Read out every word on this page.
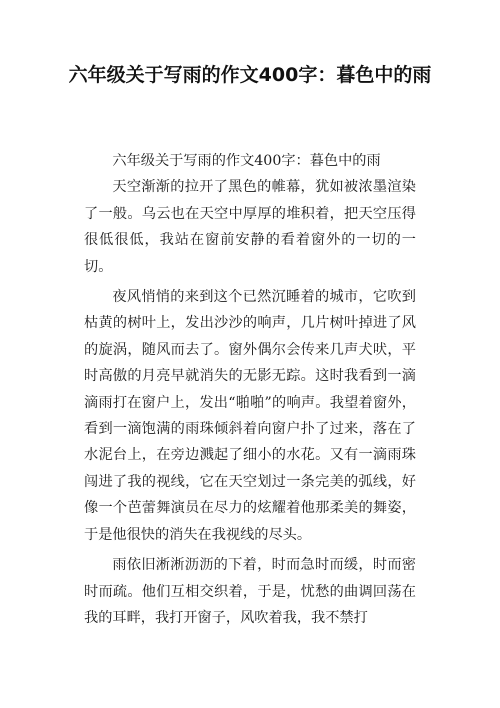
六年级关于写雨的作文400字：暮色中的雨

六年级关于写雨的作文400字：暮色中的雨

天空渐渐的拉开了黑色的帷幕，犹如被浓墨渲染了一般。乌云也在天空中厚厚的堆积着，把天空压得很低很低，我站在窗前安静的看着窗外的一切的一切。

夜风悄悄的来到这个已然沉睡着的城市，它吹到枯黄的树叶上，发出沙沙的响声，几片树叶掉进了风的旋涡，随风而去了。窗外偶尔会传来几声犬吠，平时高傲的月亮早就消失的无影无踪。这时我看到一滴滴雨打在窗户上，发出“啪啪”的响声。我望着窗外，看到一滴饱满的雨珠倾斜着向窗户扑了过来，落在了水泥台上，在旁边溅起了细小的水花。又有一滴雨珠闯进了我的视线，它在天空划过一条完美的弧线，好像一个芭蕾舞演员在尽力的炫耀着他那柔美的舞姿，于是他很快的消失在我视线的尽头。

雨依旧淅淅沥沥的下着，时而急时而缓，时而密时而疏。他们互相交织着，于是，忧愁的曲调回荡在我的耳畔，我打开窗子，风吹着我，我不禁打
